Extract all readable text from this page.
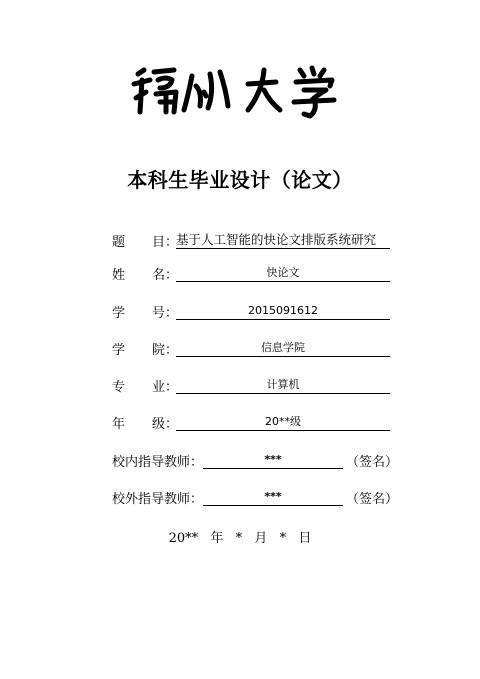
本科生毕业设计（论文）
题 目：
基于人工智能的快论文排版系统研究
姓 名：	快论文
学 号：	2015091612
学 院：	信息学院
专 业：	计算机
年 级：	20**级
校内指导教师：	***	（签名）
校外指导教师：	***	（签名）
20**  年  *  月  *  日
